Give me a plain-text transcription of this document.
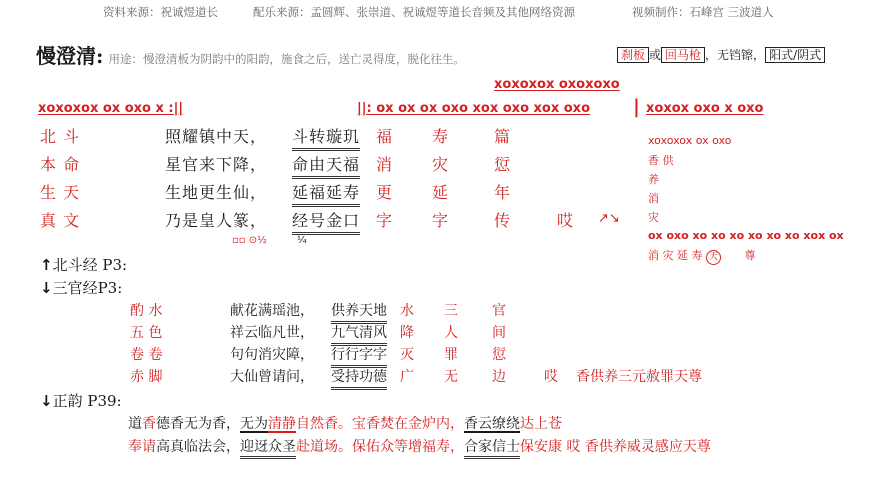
资料来源：祝诚煜道长	配乐来源：孟圆辉、张崇道、祝诚煜等道长音频及其他网络资源	视频制作：石峰宫 三波道人
慢澄清: 用途：慢澄清板为阴韵中的阳韵，施食之后，送亡灵得度，脱化往生。	刹板 或 回马枪 ，无铛镲， 阳式/阴式
xoxoxox oxoxoxo
xoxoxox ox oxo x :||	||: ox ox ox oxo xox oxo xox oxo | xoxox oxo x oxo
北 斗	照耀镇中天， 斗转璇玑 福 寿	篇
本 命	星官来下降， 命由天福 消 灾	愆
生 天	生地更生仙， 延福延寿 更 延	年
真 文	乃是皇人篆， 经号金口 字 字	传	哎 ↗↘
▫▫ ⊙½	¼
xoxoxox ox oxo
香 供
养
消
灾
ox oxo xo xo xo xo xo xo xox ox
消 灾 延 寿 天 尊
↑北斗经 P3:
↓三官经P3:
↓正韵 P39:
酌 水	献花满瑶池， 供养天地 水 三 官
五 色	祥云临凡世， 九气清风 降 人 间
卷 卷	句句消灾障， 行行字字 灭 罪 愆
赤 脚	大仙曾请问， 受持功德 广 无 边	哎 香供养三元赦罪天尊
道香德香无为香，无为清静自然香。宝香焚在金炉内，香云缭绕达上苍
奉请高真临法会，迎迓众圣赴道场。保佑众等增福寿，合家信士保安康 哎 香供养威灵感应天尊
